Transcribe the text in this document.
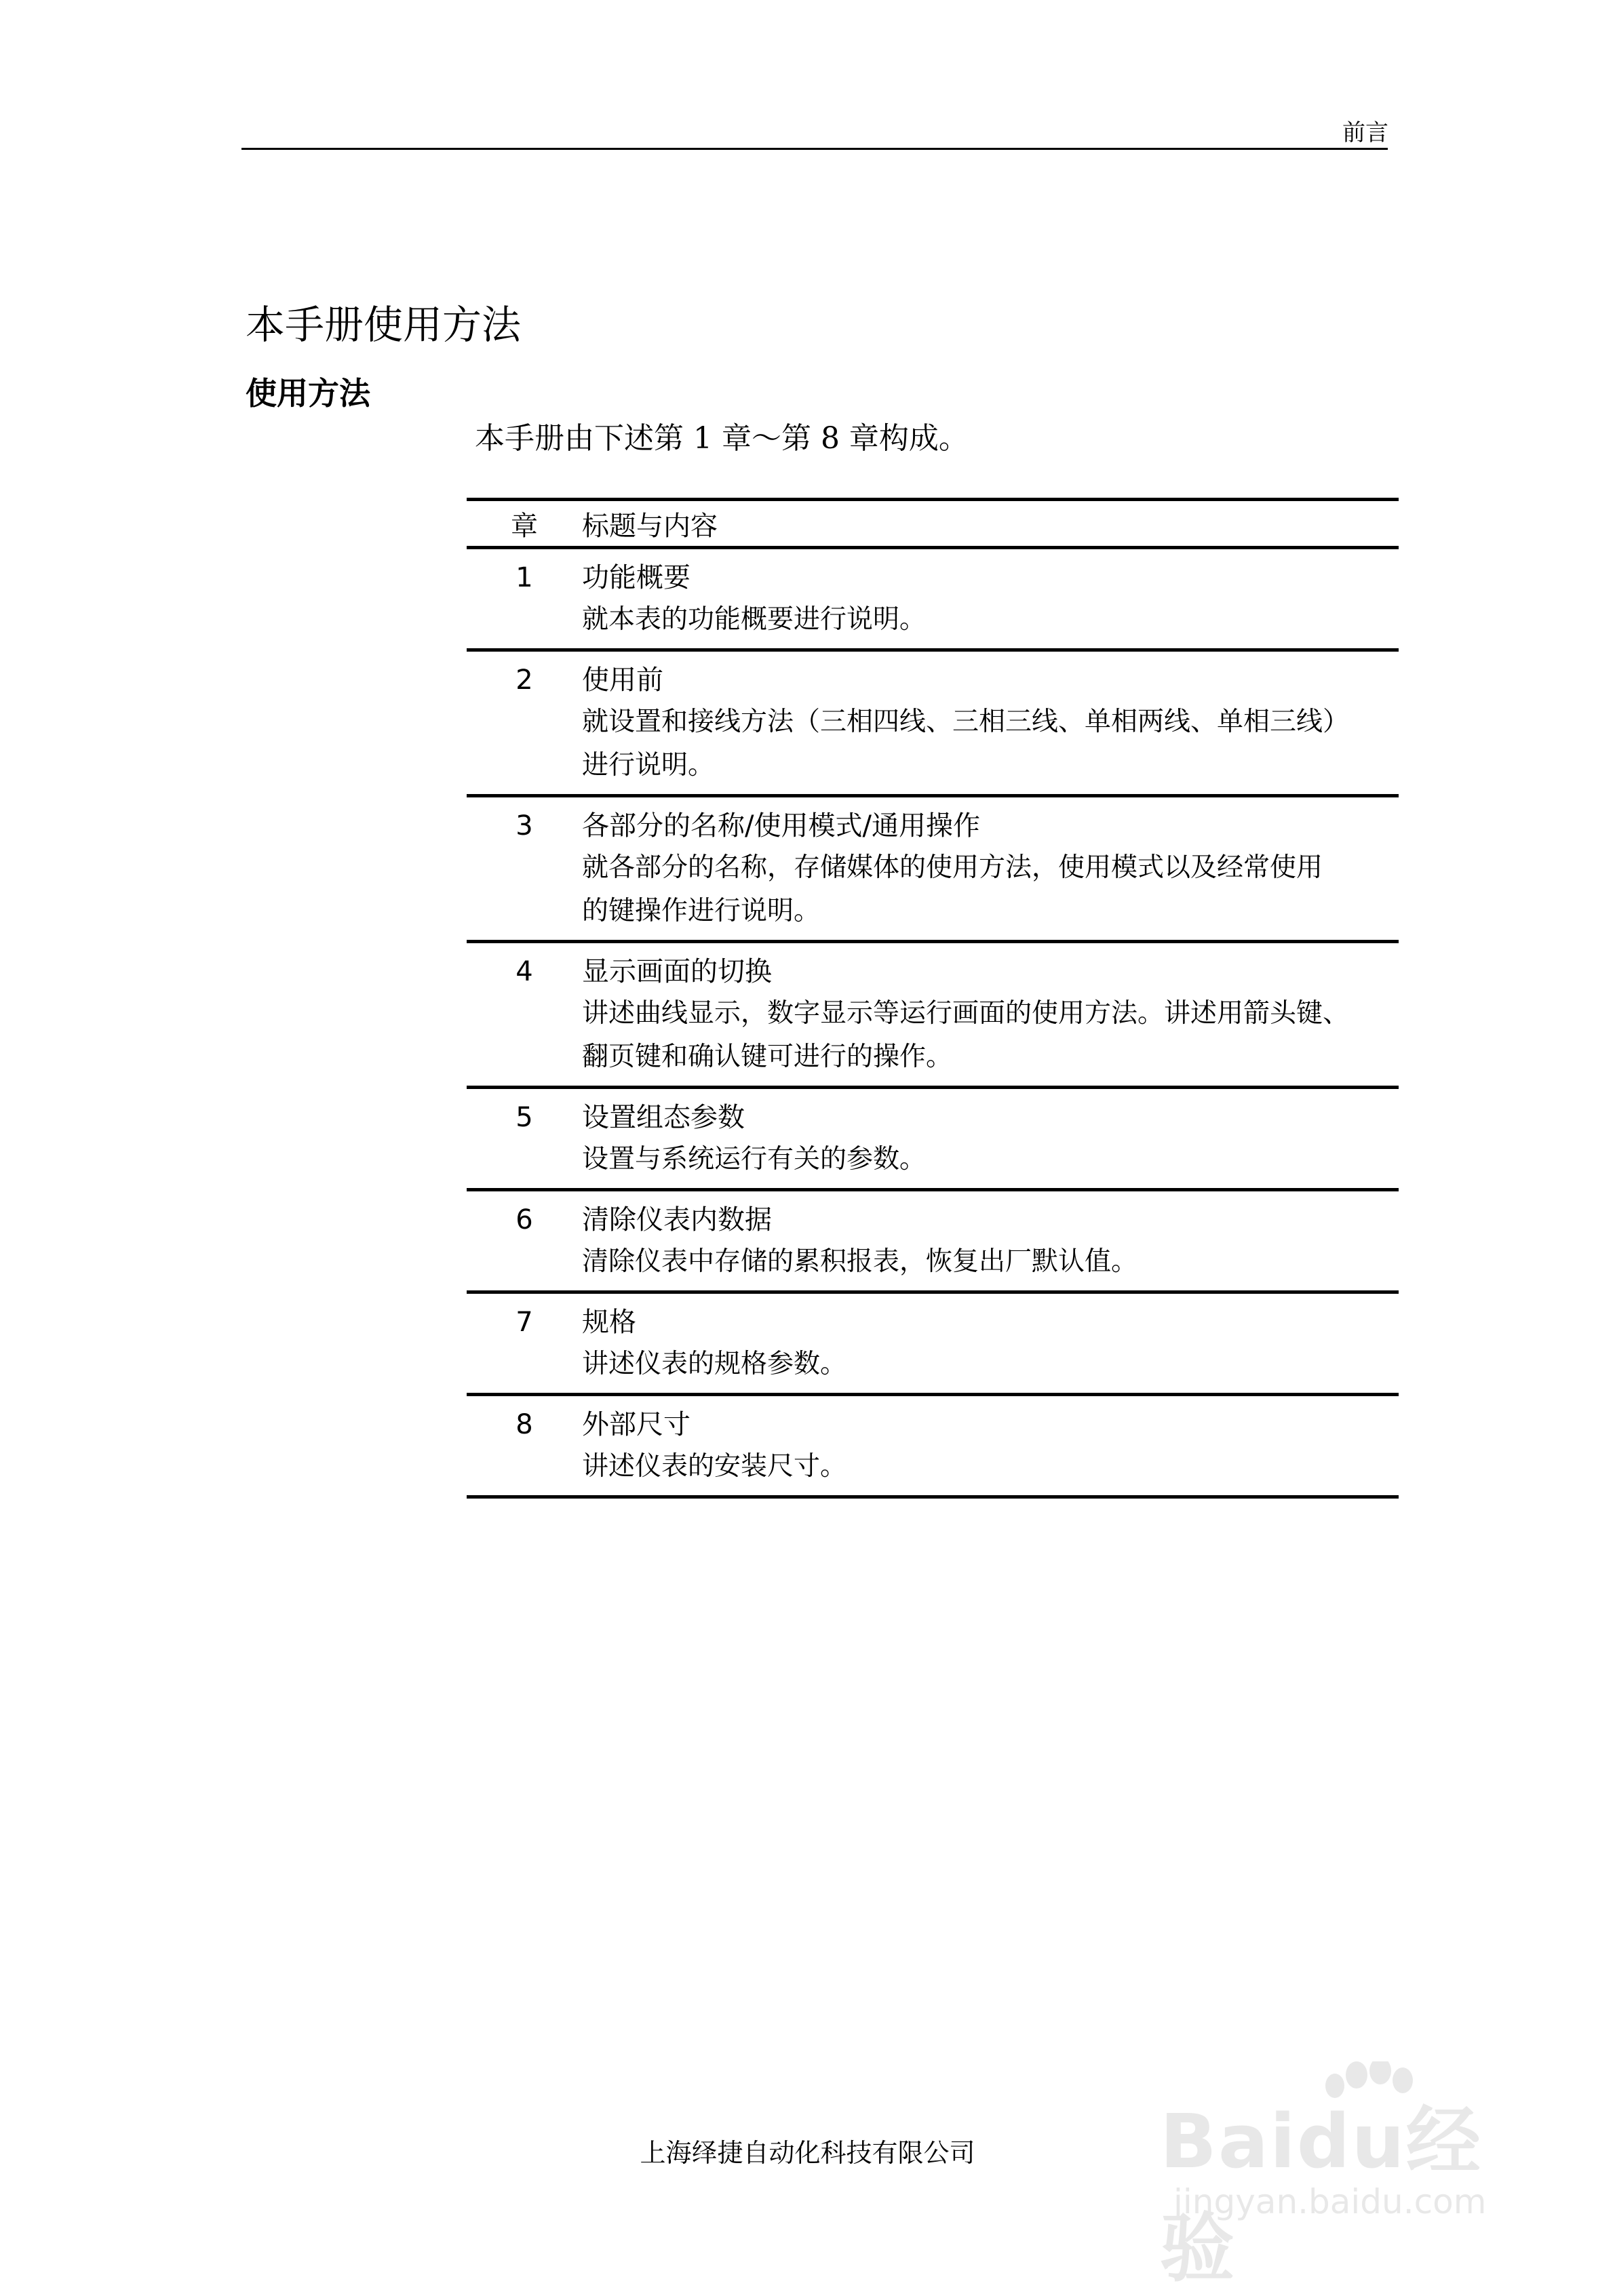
前言
本手册使用方法
使用方法
本手册由下述第 1 章～第 8 章构成。
章	标题与内容
1	功能概要
就本表的功能概要进行说明。
2	使用前
就设置和接线方法（三相四线、三相三线、单相两线、单相三线）
进行说明。
3	各部分的名称/使用模式/通用操作
就各部分的名称，存储媒体的使用方法，使用模式以及经常使用
的键操作进行说明。
4	显示画面的切换
讲述曲线显示，数字显示等运行画面的使用方法。讲述用箭头键、
翻页键和确认键可进行的操作。
5	设置组态参数
设置与系统运行有关的参数。
6	清除仪表内数据
清除仪表中存储的累积报表，恢复出厂默认值。
7	规格
讲述仪表的规格参数。
8	外部尺寸
讲述仪表的安装尺寸。
上海绎捷自动化科技有限公司	Baidu经验
jingyan.baidu.com
